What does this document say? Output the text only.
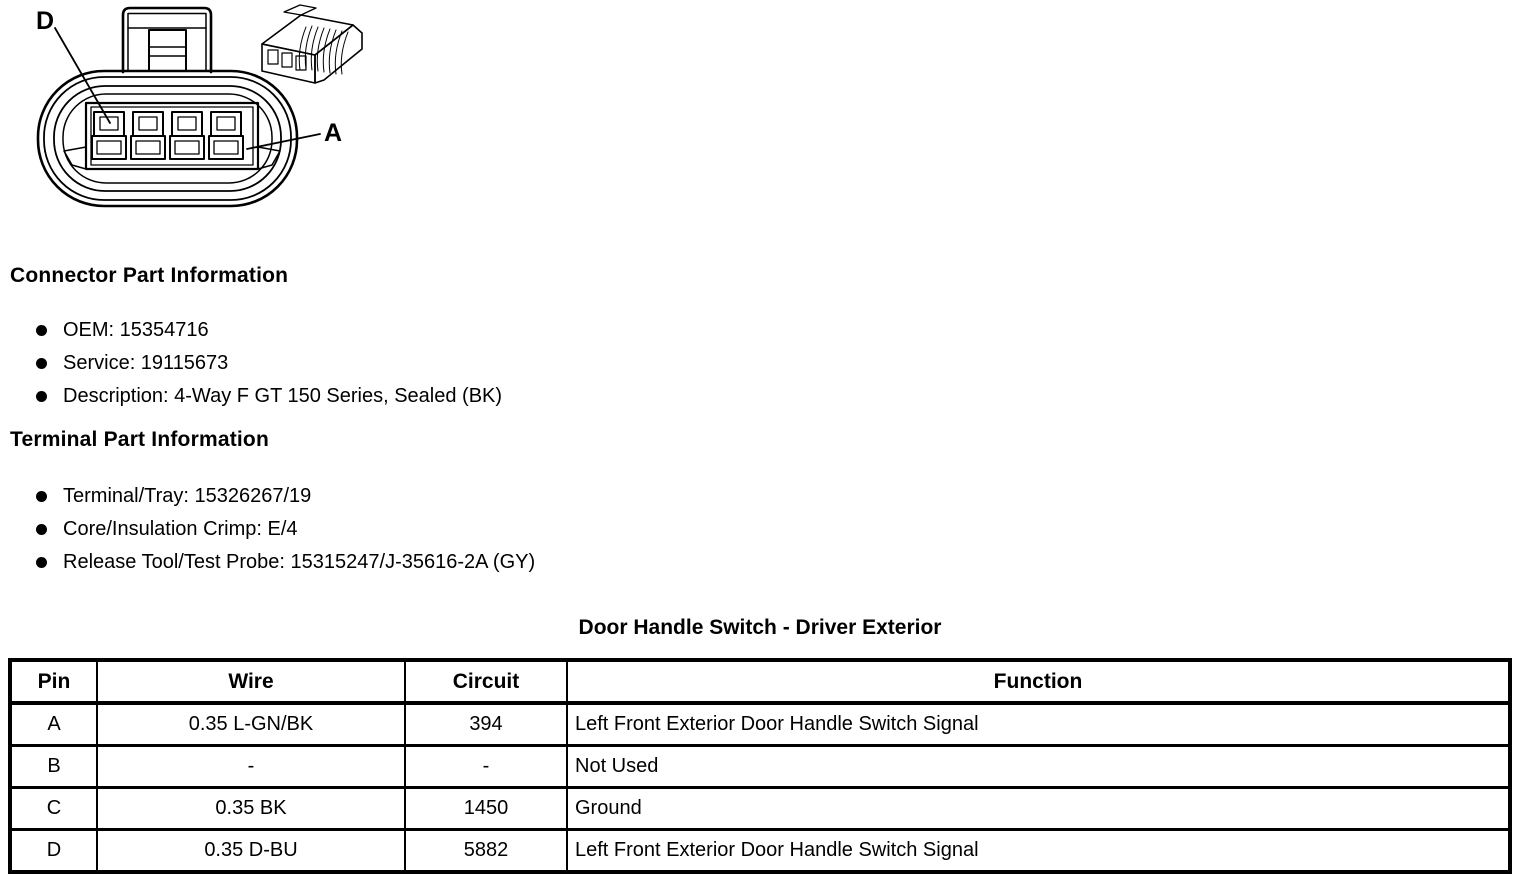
D
A
Connector Part Information
OEM: 15354716
Service: 19115673
Description: 4-Way F GT 150 Series, Sealed (BK)
Terminal Part Information
Terminal/Tray: 15326267/19
Core/Insulation Crimp: E/4
Release Tool/Test Probe: 15315247/J-35616-2A (GY)
Door Handle Switch - Driver Exterior
Pin	Wire	Circuit	Function
A	0.35 L-GN/BK	394	Left Front Exterior Door Handle Switch Signal
B	-	-	Not Used
C	0.35 BK	1450	Ground
D	0.35 D-BU	5882	Left Front Exterior Door Handle Switch Signal
